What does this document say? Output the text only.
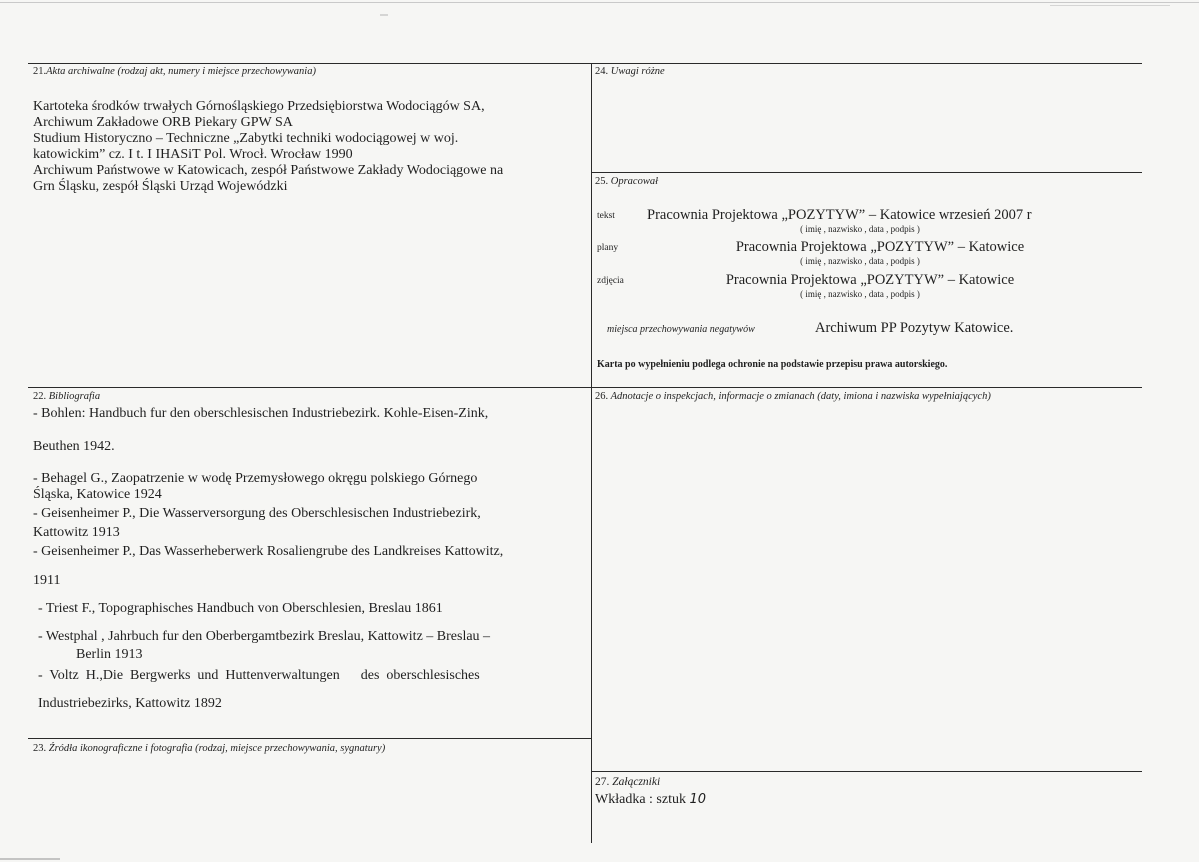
21.Akta archiwalne (rodzaj akt, numery i miejsce przechowywania)

Kartoteka środków trwałych Górnośląskiego Przedsiębiorstwa Wodociągów SA,

Archiwum Zakładowe ORB Piekary GPW SA

Studium Historyczno – Techniczne „Zabytki techniki wodociągowej w woj.

katowickim” cz. I t. I IHASiT Pol. Wrocł. Wrocław 1990

Archiwum Państwowe w Katowicach, zespół Państwowe Zakłady Wodociągowe na

Grn Śląsku, zespół Śląski Urząd Wojewódzki

24. Uwagi różne
25. Opracował
tekst Pracownia Projektowa „POZYTYW” – Katowice wrzesień 2007 r
( imię , nazwisko , data , podpis )
plany	Pracownia Projektowa „POZYTYW” – Katowice
( imię , nazwisko , data , podpis )
zdjęcia	Pracownia Projektowa „POZYTYW” – Katowice
( imię , nazwisko , data , podpis )
miejsca przechowywania negatywów	Archiwum PP Pozytyw Katowice.
Karta po wypełnieniu podlega ochronie na podstawie przepisu prawa autorskiego.
22. Bibliografia
- Bohlen: Handbuch fur den oberschlesischen Industriebezirk. Kohle-Eisen-Zink,
Beuthen 1942.
- Behagel G., Zaopatrzenie w wodę Przemysłowego okręgu polskiego Górnego
Śląska, Katowice 1924
- Geisenheimer P., Die Wasserversorgung des Oberschlesischen Industriebezirk,
Kattowitz 1913
- Geisenheimer P., Das Wasserheberwerk Rosaliengrube des Landkreises Kattowitz,
1911
- Triest F., Topographisches Handbuch von Oberschlesien, Breslau 1861
- Westphal , Jahrbuch fur den Oberbergamtbezirk Breslau, Kattowitz – Breslau –
Berlin 1913
-  Voltz  H.,Die  Bergwerks  und  Huttenverwaltungen      des  oberschlesisches
Industriebezirks, Kattowitz 1892
26. Adnotacje o inspekcjach, informacje o zmianach (daty, imiona i nazwiska wypełniających)
23. Źródła ikonograficzne i fotografia (rodzaj, miejsce przechowywania, sygnatury)
27. Załączniki
Wkładka : sztuk 10
